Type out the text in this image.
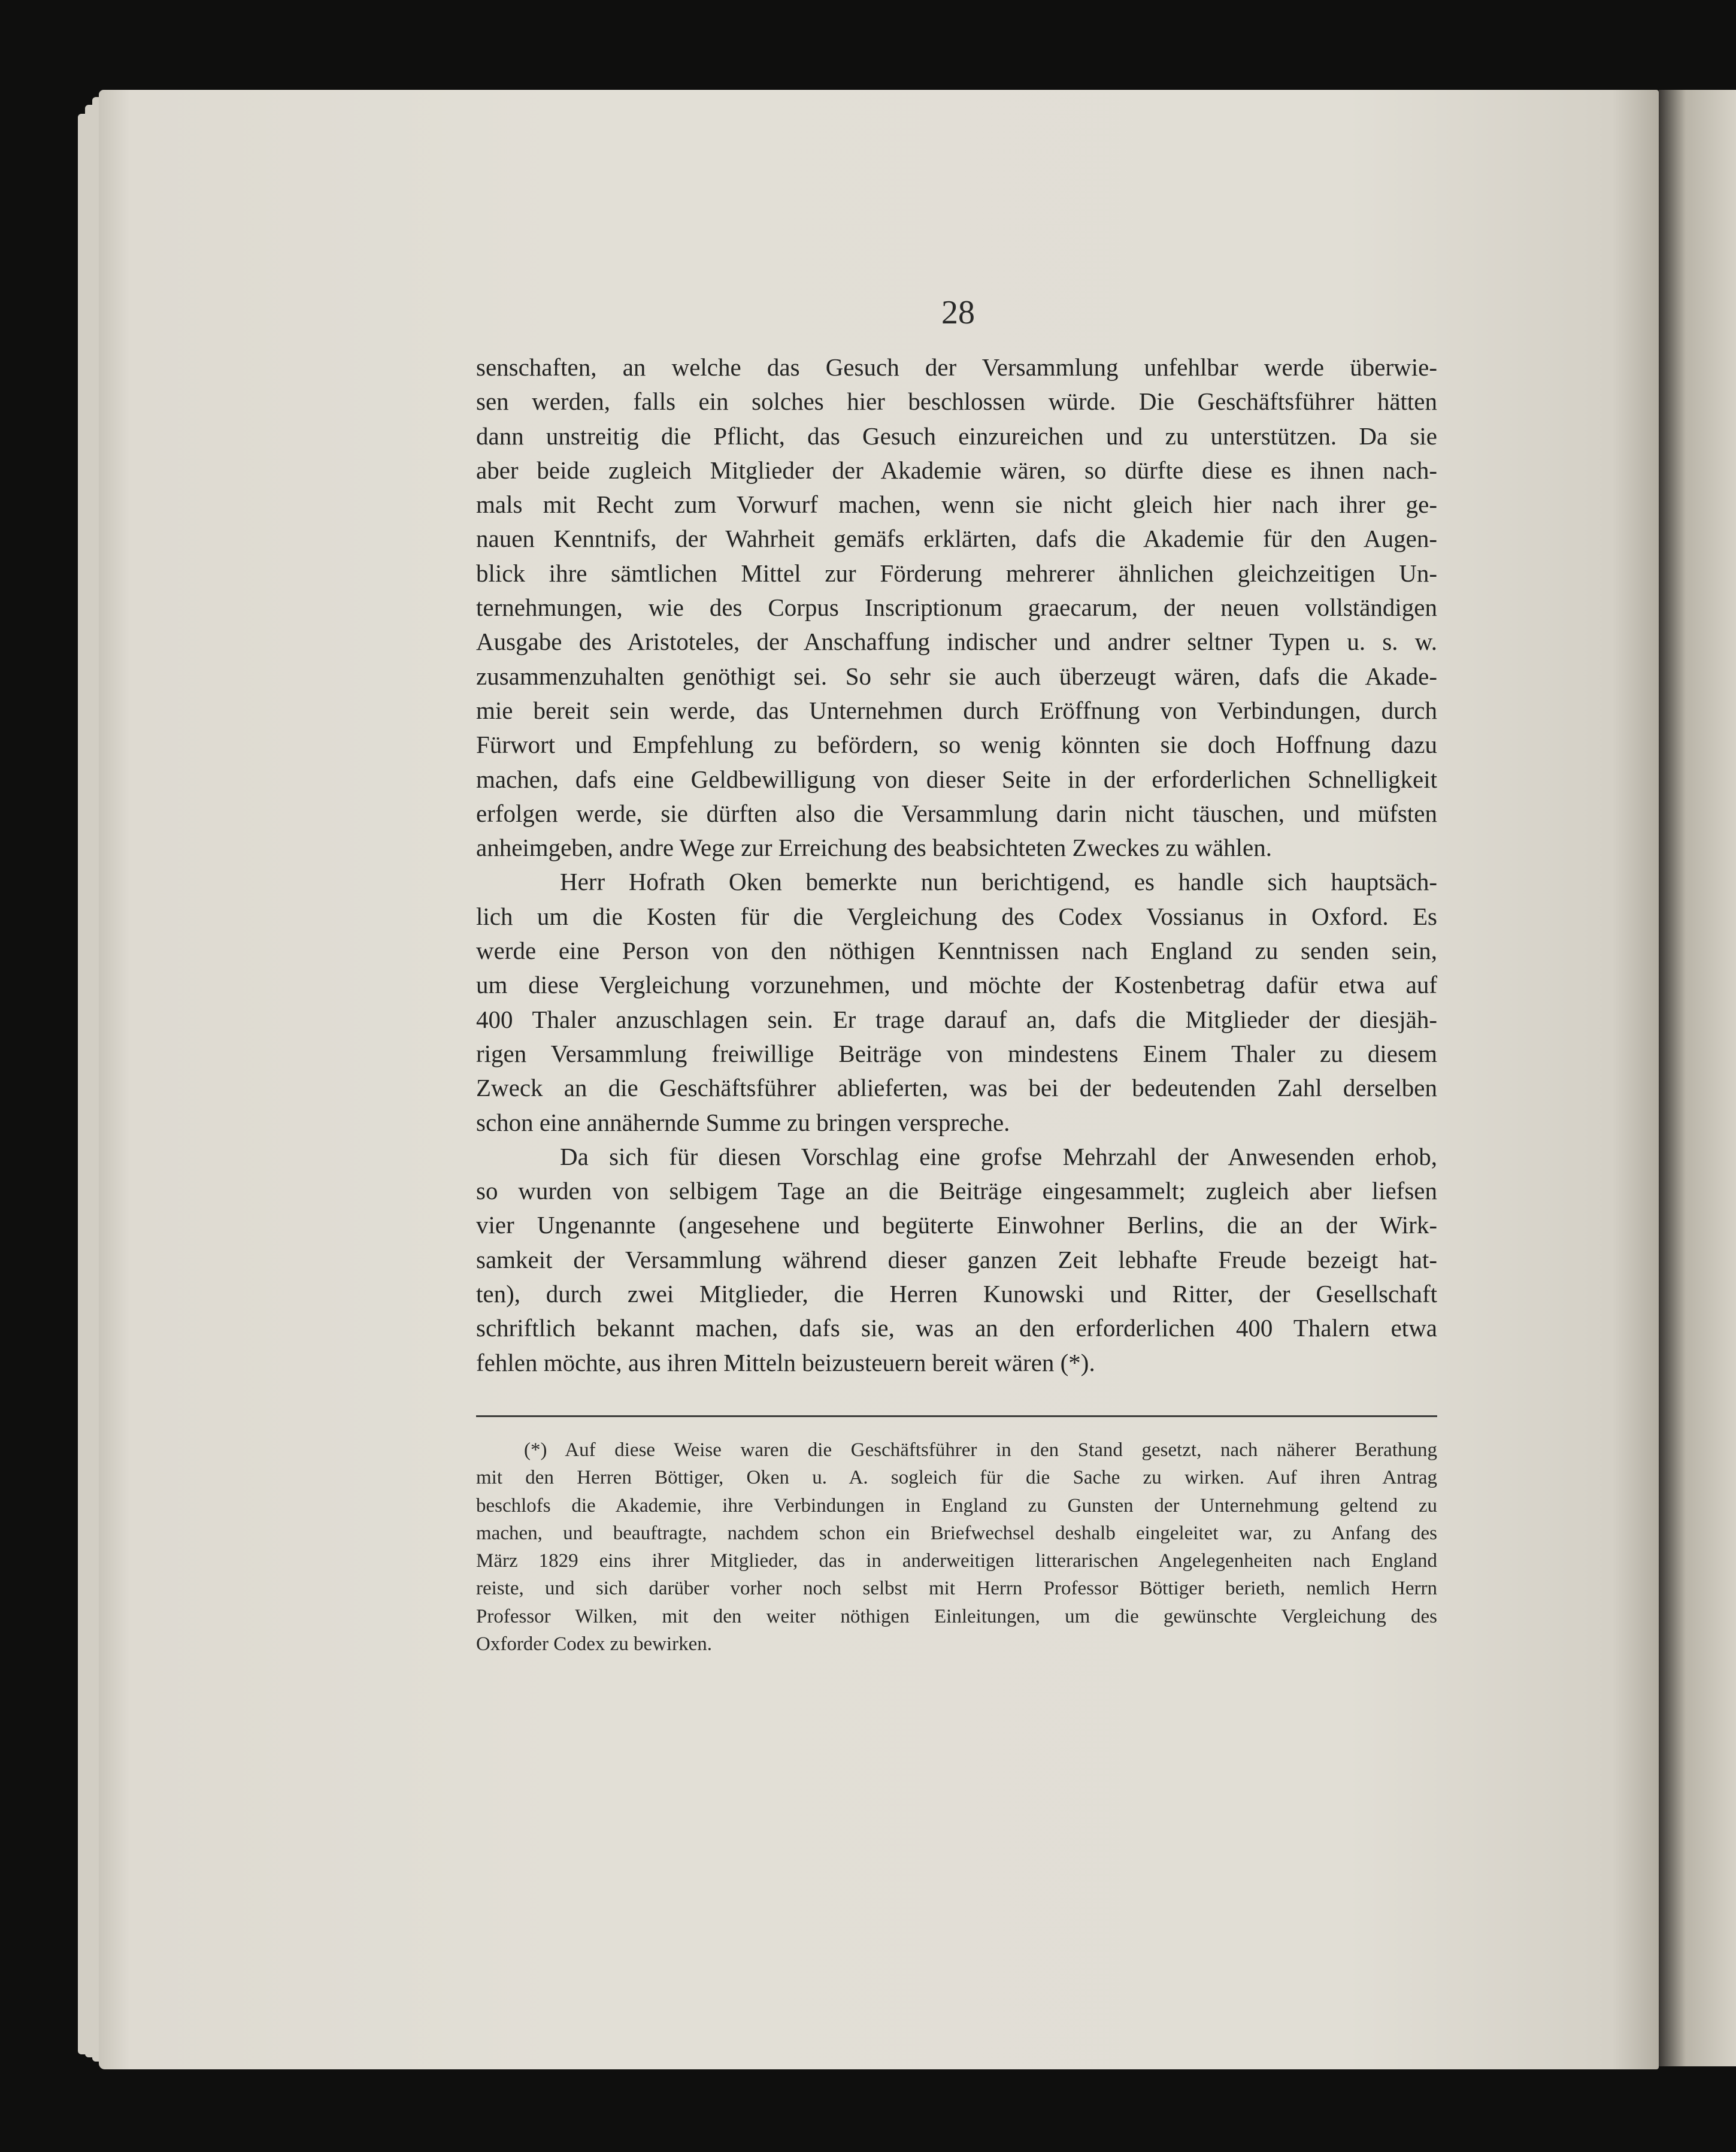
28
senschaften, an welche das Gesuch der Versammlung unfehlbar werde überwie-
sen werden, falls ein solches hier beschlossen würde. Die Geschäftsführer hätten
dann unstreitig die Pflicht, das Gesuch einzureichen und zu unterstützen. Da sie
aber beide zugleich Mitglieder der Akademie wären, so dürfte diese es ihnen nach-
mals mit Recht zum Vorwurf machen, wenn sie nicht gleich hier nach ihrer ge-
nauen Kenntnifs, der Wahrheit gemäfs erklärten, dafs die Akademie für den Augen-
blick ihre sämtlichen Mittel zur Förderung mehrerer ähnlichen gleichzeitigen Un-
ternehmungen, wie des Corpus Inscriptionum graecarum, der neuen vollständigen
Ausgabe des Aristoteles, der Anschaffung indischer und andrer seltner Typen u. s. w.
zusammenzuhalten genöthigt sei. So sehr sie auch überzeugt wären, dafs die Akade-
mie bereit sein werde, das Unternehmen durch Eröffnung von Verbindungen, durch
Fürwort und Empfehlung zu befördern, so wenig könnten sie doch Hoffnung dazu
machen, dafs eine Geldbewilligung von dieser Seite in der erforderlichen Schnelligkeit
erfolgen werde, sie dürften also die Versammlung darin nicht täuschen, und müfsten
anheimgeben, andre Wege zur Erreichung des beabsichteten Zweckes zu wählen.
Herr Hofrath Oken bemerkte nun berichtigend, es handle sich hauptsäch-
lich um die Kosten für die Vergleichung des Codex Vossianus in Oxford. Es
werde eine Person von den nöthigen Kenntnissen nach England zu senden sein,
um diese Vergleichung vorzunehmen, und möchte der Kostenbetrag dafür etwa auf
400 Thaler anzuschlagen sein. Er trage darauf an, dafs die Mitglieder der diesjäh-
rigen Versammlung freiwillige Beiträge von mindestens Einem Thaler zu diesem
Zweck an die Geschäftsführer ablieferten, was bei der bedeutenden Zahl derselben
schon eine annähernde Summe zu bringen verspreche.
Da sich für diesen Vorschlag eine grofse Mehrzahl der Anwesenden erhob,
so wurden von selbigem Tage an die Beiträge eingesammelt; zugleich aber liefsen
vier Ungenannte (angesehene und begüterte Einwohner Berlins, die an der Wirk-
samkeit der Versammlung während dieser ganzen Zeit lebhafte Freude bezeigt hat-
ten), durch zwei Mitglieder, die Herren Kunowski und Ritter, der Gesellschaft
schriftlich bekannt machen, dafs sie, was an den erforderlichen 400 Thalern etwa
fehlen möchte, aus ihren Mitteln beizusteuern bereit wären (*).
(*) Auf diese Weise waren die Geschäftsführer in den Stand gesetzt, nach näherer Berathung
mit den Herren Böttiger, Oken u. A. sogleich für die Sache zu wirken. Auf ihren Antrag
beschlofs die Akademie, ihre Verbindungen in England zu Gunsten der Unternehmung geltend zu
machen, und beauftragte, nachdem schon ein Briefwechsel deshalb eingeleitet war, zu Anfang des
März 1829 eins ihrer Mitglieder, das in anderweitigen litterarischen Angelegenheiten nach England
reiste, und sich darüber vorher noch selbst mit Herrn Professor Böttiger berieth, nemlich Herrn
Professor Wilken, mit den weiter nöthigen Einleitungen, um die gewünschte Vergleichung des
Oxforder Codex zu bewirken.
